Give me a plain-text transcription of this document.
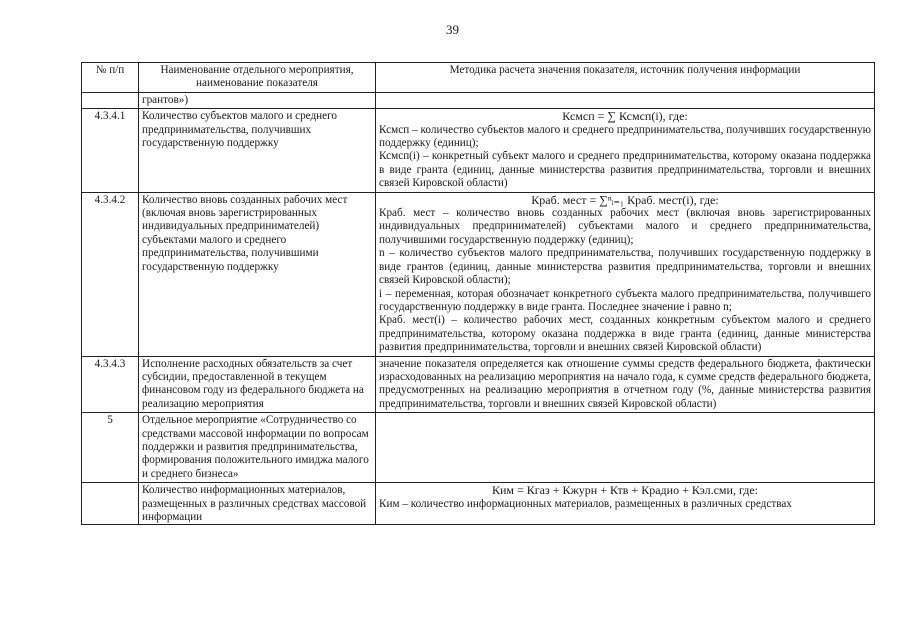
39
№ п/п	Наименование отдельного мероприятия, наименование показателя	Методика расчета значения показателя, источник получения информации
	грантов»)	
4.3.4.1	Количество субъектов малого и среднего предпринимательства, получивших государственную поддержку	Ксмсп = ∑ Ксмсп(i), где:
Ксмсп – количество субъектов малого и среднего предпринимательства, получивших государственную поддержку (единиц);
Ксмсп(i) – конкретный субъект малого и среднего предпринимательства, которому оказана поддержка в виде гранта (единиц, данные министерства развития предпринимательства, торговли и внешних связей Кировской области)

4.3.4.2	Количество вновь созданных рабочих мест (включая вновь зарегистрированных индивидуальных предпринимателей) субъектами малого и среднего предпринимательства, получившими государственную поддержку	Краб. мест = ∑ⁿᵢ₌₁ Краб. мест(i), где:
Краб. мест – количество вновь созданных рабочих мест (включая вновь зарегистрированных индивидуальных предпринимателей) субъектами малого и среднего предпринимательства, получившими государственную поддержку (единиц);
n – количество субъектов малого предпринимательства, получивших государственную поддержку в виде грантов (единиц, данные министерства развития предпринимательства, торговли и внешних связей Кировской области);
i – переменная, которая обозначает конкретного субъекта малого предпринимательства, получившего государственную поддержку в виде гранта. Последнее значение i равно n;
Краб. мест(i) – количество рабочих мест, созданных конкретным субъектом малого и среднего предпринимательства, которому оказана поддержка в виде гранта (единиц, данные министерства развития предпринимательства, торговли и внешних связей Кировской области)

4.3.4.3	Исполнение расходных обязательств за счет субсидии, предоставленной в текущем финансовом году из федерального бюджета на реализацию мероприятия	значение показателя определяется как отношение суммы средств федерального бюджета, фактически израсходованных на реализацию мероприятия на начало года, к сумме средств федерального бюджета, предусмотренных на реализацию мероприятия в отчетном году (%, данные министерства развития предпринимательства, торговли и внешних связей Кировской области)

5	Отдельное мероприятие «Сотрудничество со средствами массовой информации по вопросам поддержки и развития предпринимательства, формирования положительного имиджа малого и среднего бизнеса»	
	Количество информационных материалов, размещенных в различных средствах массовой информации	Ким = Кгаз + Кжурн + Ктв + Крадио + Кэл.сми, где:
Ким – количество информационных материалов, размещенных в различных средствах
